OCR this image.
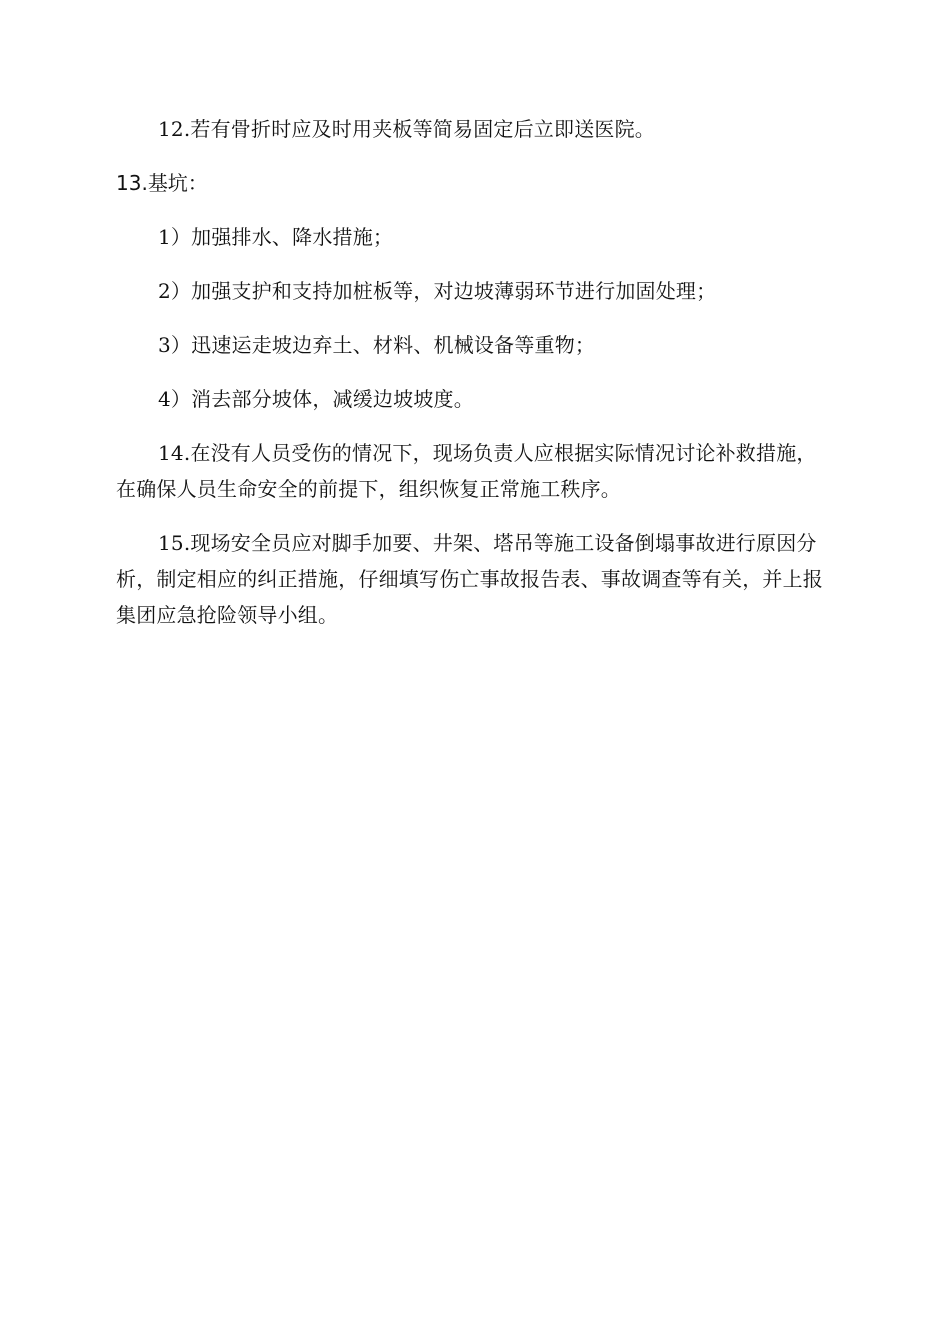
12.若有骨折时应及时用夹板等简易固定后立即送医院。

13.基坑：

1）加强排水、降水措施；

2）加强支护和支持加桩板等，对边坡薄弱环节进行加固处理；

3）迅速运走坡边弃土、材料、机械设备等重物；

4）消去部分坡体，减缓边坡坡度。

14.在没有人员受伤的情况下，现场负责人应根据实际情况讨论补救措施，在确保人员生命安全的前提下，组织恢复正常施工秩序。

15.现场安全员应对脚手加要、井架、塔吊等施工设备倒塌事故进行原因分析，制定相应的纠正措施，仔细填写伤亡事故报告表、事故调查等有关，并上报集团应急抢险领导小组。
